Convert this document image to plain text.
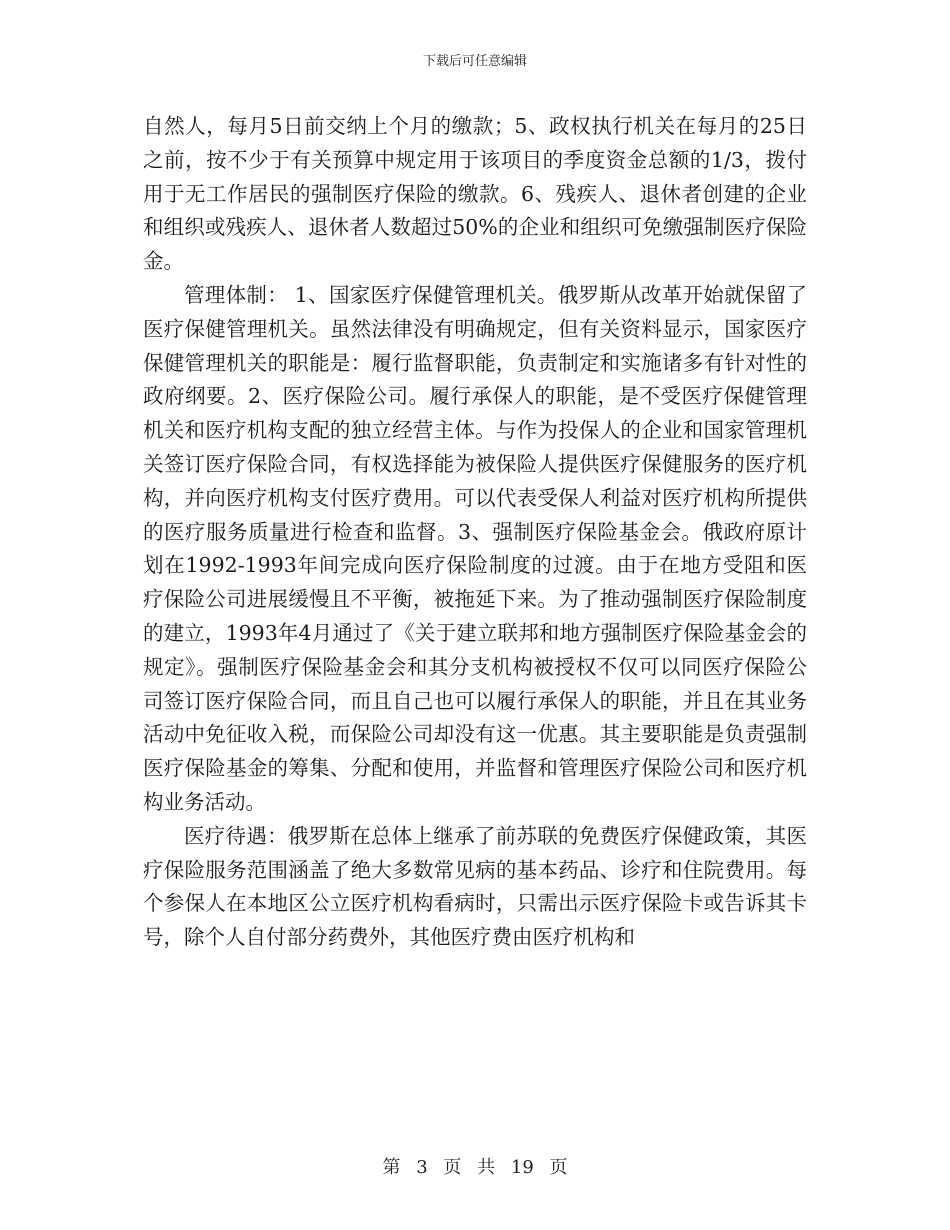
下载后可任意编辑

自然人，每月5日前交纳上个月的缴款；5、政权执行机关在每月的25日之前，按不少于有关预算中规定用于该项目的季度资金总额的1/3，拨付用于无工作居民的强制医疗保险的缴款。6、残疾人、退休者创建的企业和组织或残疾人、退休者人数超过50%的企业和组织可免缴强制医疗保险金。

管理体制： 1、国家医疗保健管理机关。俄罗斯从改革开始就保留了医疗保健管理机关。虽然法律没有明确规定，但有关资料显示，国家医疗保健管理机关的职能是：履行监督职能，负责制定和实施诸多有针对性的政府纲要。2、医疗保险公司。履行承保人的职能，是不受医疗保健管理机关和医疗机构支配的独立经营主体。与作为投保人的企业和国家管理机关签订医疗保险合同，有权选择能为被保险人提供医疗保健服务的医疗机构，并向医疗机构支付医疗费用。可以代表受保人利益对医疗机构所提供的医疗服务质量进行检查和监督。3、强制医疗保险基金会。俄政府原计划在1992-1993年间完成向医疗保险制度的过渡。由于在地方受阻和医疗保险公司进展缓慢且不平衡，被拖延下来。为了推动强制医疗保险制度的建立，1993年4月通过了《关于建立联邦和地方强制医疗保险基金会的规定》。强制医疗保险基金会和其分支机构被授权不仅可以同医疗保险公司签订医疗保险合同，而且自己也可以履行承保人的职能，并且在其业务活动中免征收入税，而保险公司却没有这一优惠。其主要职能是负责强制医疗保险基金的筹集、分配和使用，并监督和管理医疗保险公司和医疗机构业务活动。

医疗待遇：俄罗斯在总体上继承了前苏联的免费医疗保健政策，其医疗保险服务范围涵盖了绝大多数常见病的基本药品、诊疗和住院费用。每个参保人在本地区公立医疗机构看病时，只需出示医疗保险卡或告诉其卡号，除个人自付部分药费外，其他医疗费由医疗机构和

第 3 页 共 19 页
